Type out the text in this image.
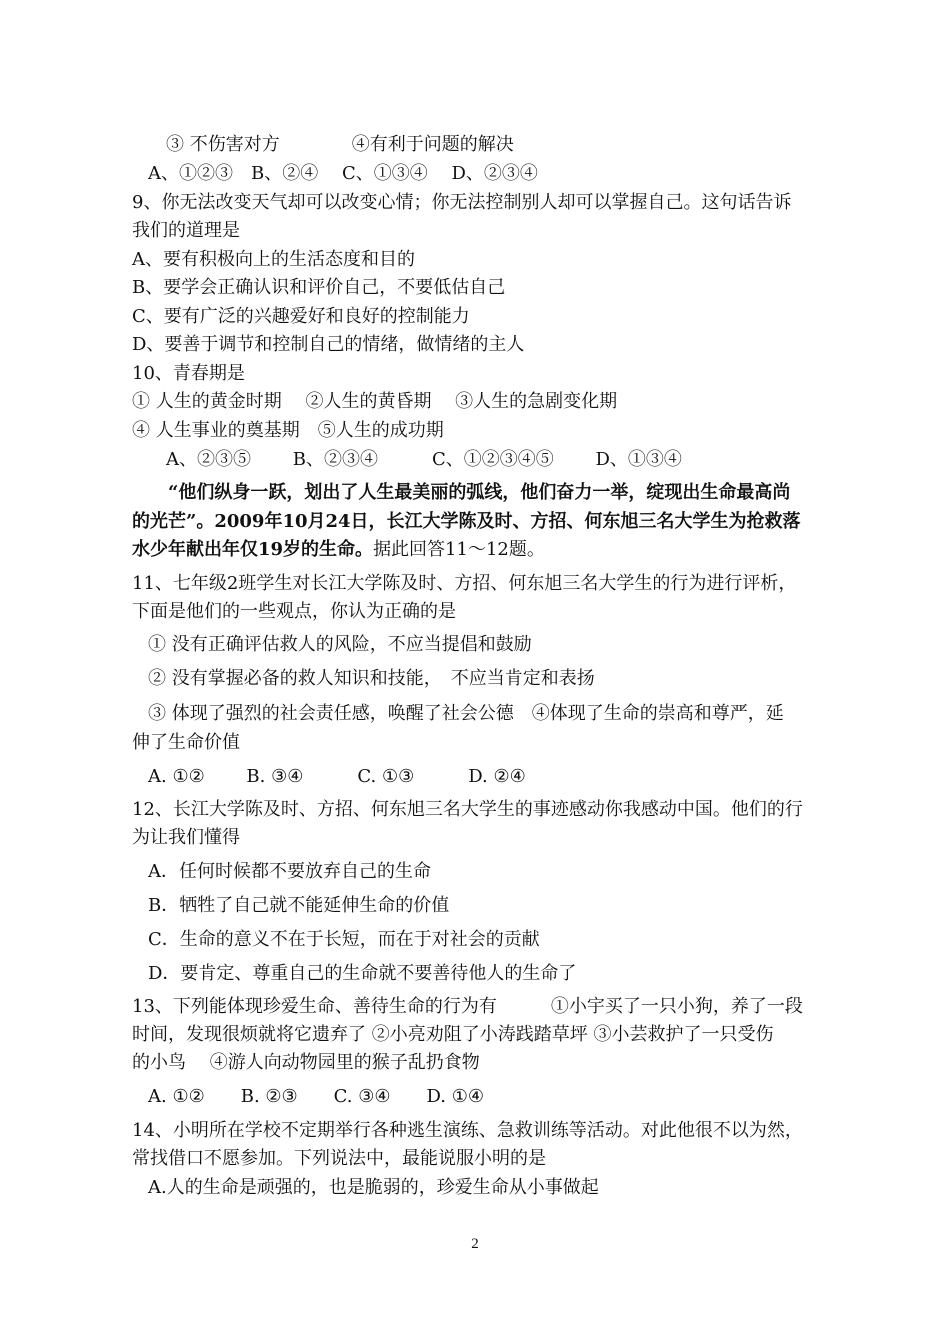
③ 不伤害对方　　　　④有利于问题的解决
A、①②③　B、②④　 C、①③④　 D、②③④
9、你无法改变天气却可以改变心情；你无法控制别人却可以掌握自己。这句话告诉
我们的道理是
A、要有积极向上的生活态度和目的
B、要学会正确认识和评价自己，不要低估自己
C、要有广泛的兴趣爱好和良好的控制能力
D、要善于调节和控制自己的情绪，做情绪的主人
10、青春期是
① 人生的黄金时期　 ②人生的黄昏期　 ③人生的急剧变化期
④ 人生事业的奠基期　⑤人生的成功期
A、②③⑤　　 B、②③④　　　C、①②③④⑤　　 D、①③④
“他们纵身一跃，划出了人生最美丽的弧线，他们奋力一举，绽现出生命最高尚
的光芒”。2009年10月24日，长江大学陈及时、方招、何东旭三名大学生为抢救落
水少年献出年仅19岁的生命。据此回答11～12题。
11、七年级2班学生对长江大学陈及时、方招、何东旭三名大学生的行为进行评析，
下面是他们的一些观点，你认为正确的是
① 没有正确评估救人的风险，不应当提倡和鼓励
② 没有掌握必备的救人知识和技能，　不应当肯定和表扬
③ 体现了强烈的社会责任感，唤醒了社会公德　④体现了生命的崇高和尊严，延
伸了生命价值
A. ①②　　 B. ③④　　　C. ①③　　　D. ②④
12、长江大学陈及时、方招、何东旭三名大学生的事迹感动你我感动中国。他们的行
为让我们懂得
A．任何时候都不要放弃自己的生命
B．牺牲了自己就不能延伸生命的价值
C．生命的意义不在于长短，而在于对社会的贡献
D．要肯定、尊重自己的生命就不要善待他人的生命了
13、下列能体现珍爱生命、善待生命的行为有　　　①小宇买了一只小狗，养了一段
时间，发现很烦就将它遗弃了 ②小亮劝阻了小涛践踏草坪 ③小芸救护了一只受伤
的小鸟　 ④游人向动物园里的猴子乱扔食物
A. ①②　　B. ②③　　C. ③④　　D. ①④
14、小明所在学校不定期举行各种逃生演练、急救训练等活动。对此他很不以为然，
常找借口不愿参加。下列说法中，最能说服小明的是
A.人的生命是顽强的，也是脆弱的，珍爱生命从小事做起
2
